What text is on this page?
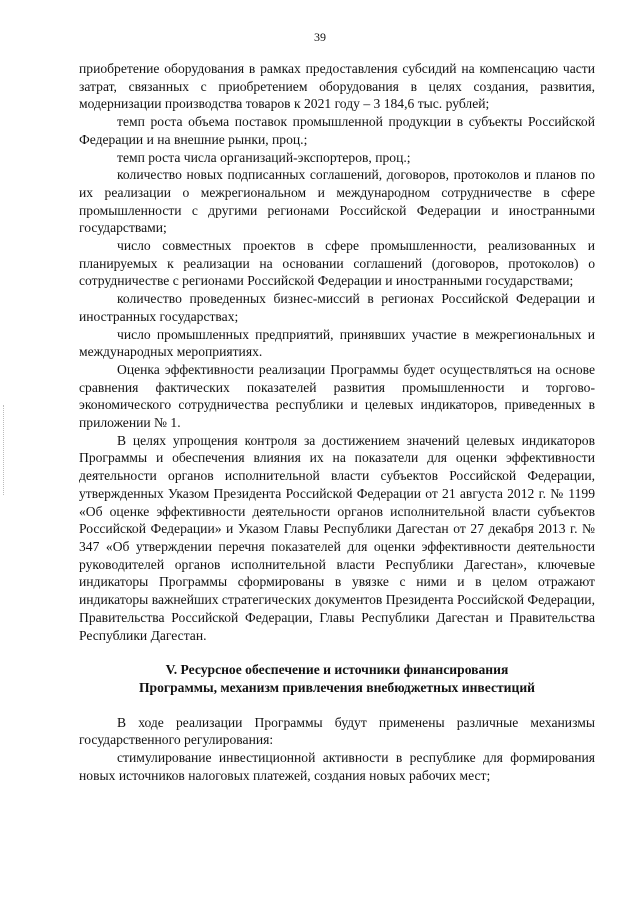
39

приобретение оборудования в рамках предоставления субсидий на компенсацию части затрат, связанных с приобретением оборудования в целях создания, развития, модернизации производства товаров к 2021 году – 3 184,6 тыс. рублей;

темп роста объема поставок промышленной продукции в субъекты Российской Федерации и на внешние рынки, проц.;

темп роста числа организаций-экспортеров, проц.;

количество новых подписанных соглашений, договоров, протоколов и планов по их реализации о межрегиональном и международном сотрудничестве в сфере промышленности с другими регионами Российской Федерации и иностранными государствами;

число совместных проектов в сфере промышленности, реализованных и планируемых к реализации на основании соглашений (договоров, протоколов) о сотрудничестве с регионами Российской Федерации и иностранными государствами;

количество проведенных бизнес-миссий в регионах Российской Федерации и иностранных государствах;

число промышленных предприятий, принявших участие в межрегиональных и международных мероприятиях.

Оценка эффективности реализации Программы будет осуществляться на основе сравнения фактических показателей развития промышленности и торгово-экономического сотрудничества республики и целевых индикаторов, приведенных в приложении № 1.

В целях упрощения контроля за достижением значений целевых индикаторов Программы и обеспечения влияния их на показатели для оценки эффективности деятельности органов исполнительной власти субъектов Российской Федерации, утвержденных Указом Президента Российской Федерации от 21 августа 2012 г. № 1199 «Об оценке эффективности деятельности органов исполнительной власти субъектов Российской Федерации» и Указом Главы Республики Дагестан от 27 декабря 2013 г. № 347 «Об утверждении перечня показателей для оценки эффективности деятельности руководителей органов исполнительной власти Республики Дагестан», ключевые индикаторы Программы сформированы в увязке с ними и в целом отражают индикаторы важнейших стратегических документов Президента Российской Федерации, Правительства Российской Федерации, Главы Республики Дагестан и Правительства Республики Дагестан.

V. Ресурсное обеспечение и источники финансирования
Программы, механизм привлечения внебюджетных инвестиций

В ходе реализации Программы будут применены различные механизмы государственного регулирования:

стимулирование инвестиционной активности в республике для формирования новых источников налоговых платежей, создания новых рабочих мест;
